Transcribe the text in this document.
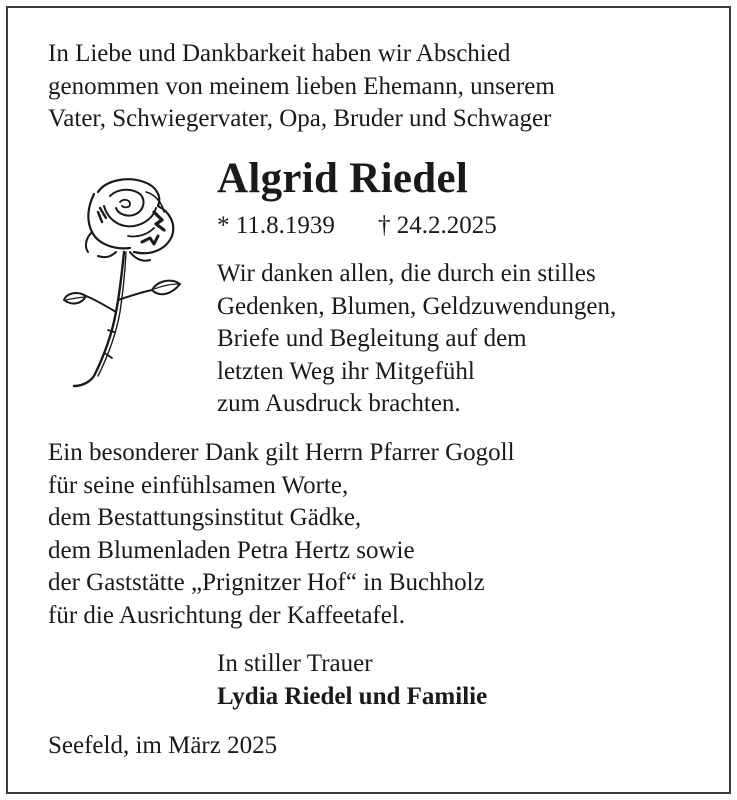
In Liebe und Dankbarkeit haben wir Abschied
genommen von meinem lieben Ehemann, unserem
Vater, Schwiegervater, Opa, Bruder und Schwager
Algrid Riedel
* 11.8.1939 † 24.2.2025
Wir danken allen, die durch ein stilles
Gedenken, Blumen, Geldzuwendungen,
Briefe und Begleitung auf dem
letzten Weg ihr Mitgefühl
zum Ausdruck brachten.
Ein besonderer Dank gilt Herrn Pfarrer Gogoll
für seine einfühlsamen Worte,
dem Bestattungsinstitut Gädke,
dem Blumenladen Petra Hertz sowie
der Gaststätte „Prignitzer Hof“ in Buchholz
für die Ausrichtung der Kaffeetafel.
In stiller Trauer
Lydia Riedel und Familie
Seefeld, im März 2025
